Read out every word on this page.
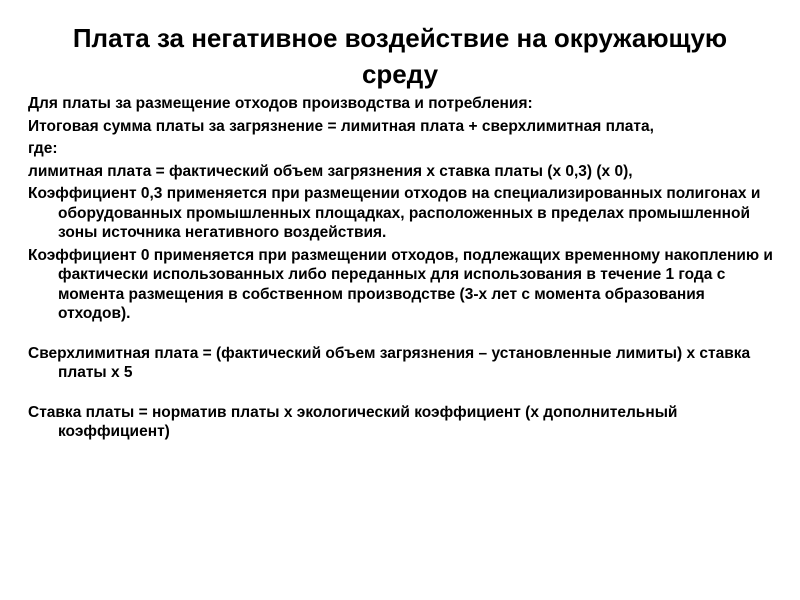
Плата за негативное воздействие на окружающую среду

Для платы за размещение отходов производства и потребления:

Итоговая сумма платы за загрязнение = лимитная плата + сверхлимитная плата,

где:

лимитная плата = фактический объем загрязнения х ставка платы (х 0,3) (х 0),

Коэффициент 0,3 применяется при размещении отходов на специализированных полигонах и оборудованных промышленных площадках, расположенных в пределах промышленной зоны источника негативного воздействия.

Коэффициент 0 применяется при размещении отходов, подлежащих временному накоплению и фактически использованных либо переданных для использования в течение 1 года с момента размещения в собственном производстве (3-х лет с момента образования отходов).

Сверхлимитная плата = (фактический объем загрязнения – установленные лимиты) х ставка платы х 5

Ставка платы = норматив платы х экологический коэффициент (х дополнительный коэффициент)
